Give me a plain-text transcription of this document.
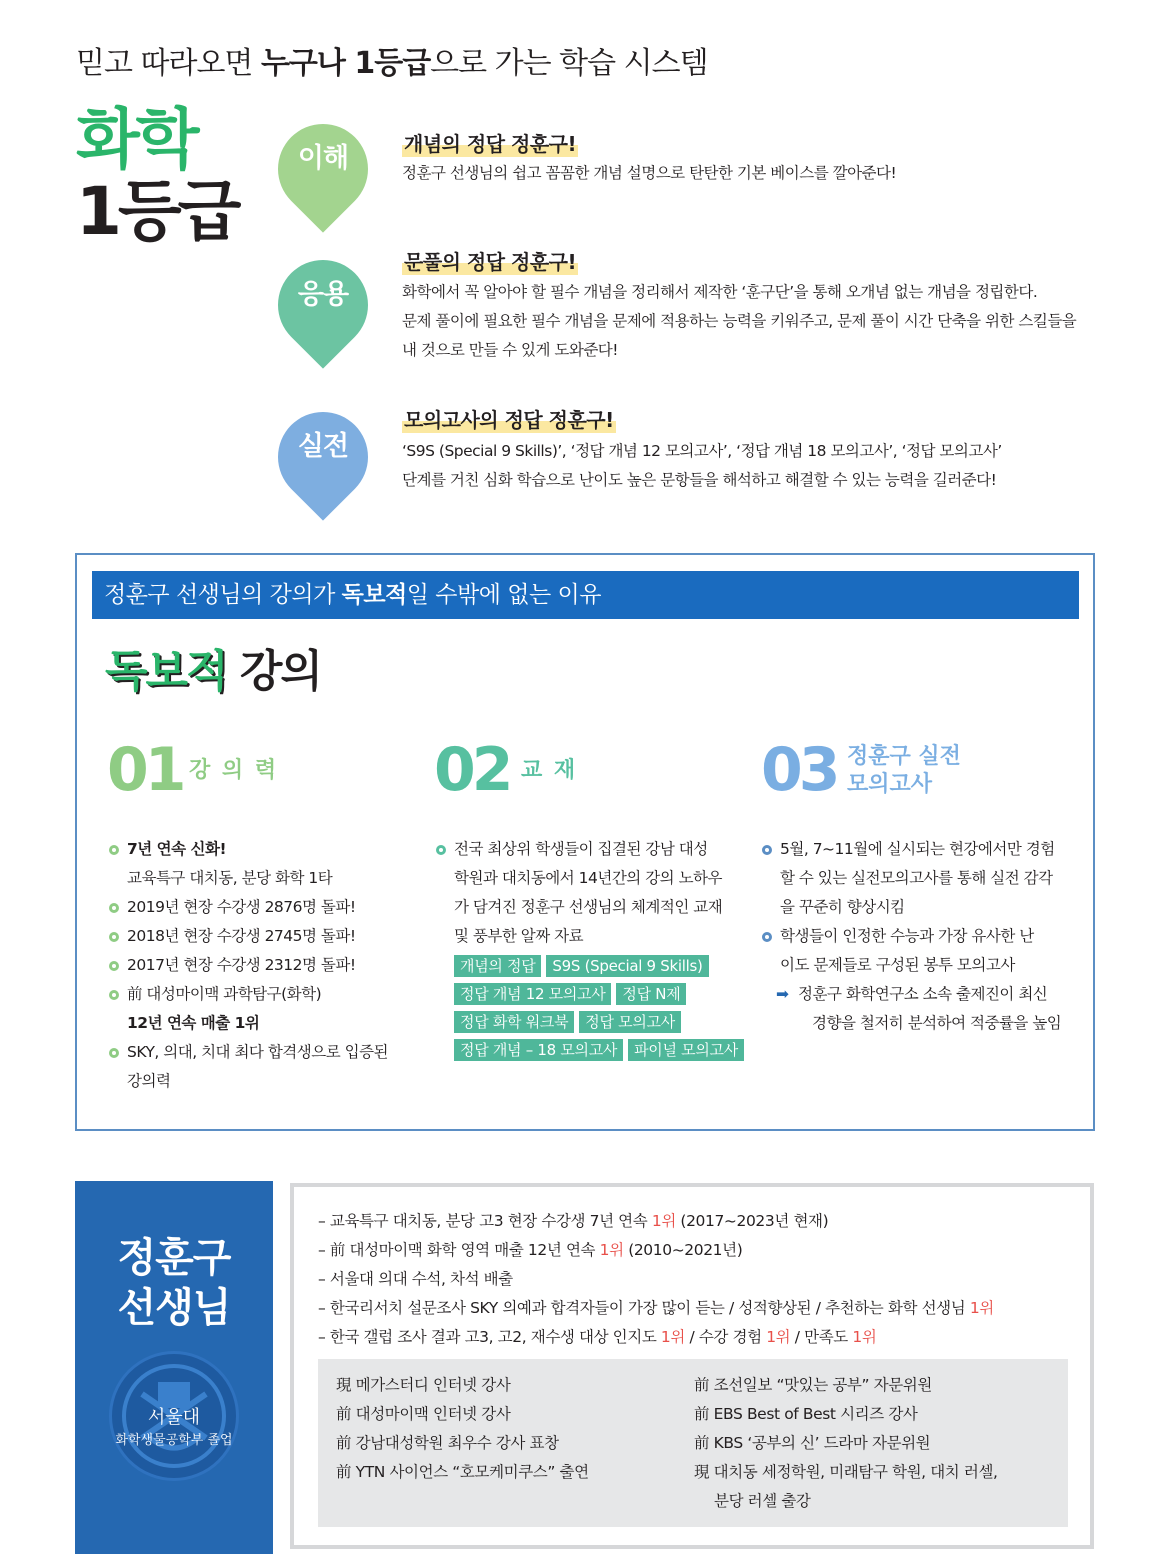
믿고 따라오면 누구나 1등급으로 가는 학습 시스템
화학
1등급
이해	개념의 정답 정훈구!
정훈구 선생님의 쉽고 꼼꼼한 개념 설명으로 탄탄한 기본 베이스를 깔아준다!
응용
문풀의 정답 정훈구!
화학에서 꼭 알아야 할 필수 개념을 정리해서 제작한 ‘훈구단’을 통해 오개념 없는 개념을 정립한다.
문제 풀이에 필요한 필수 개념을 문제에 적용하는 능력을 키워주고, 문제 풀이 시간 단축을 위한 스킬들을
내 것으로 만들 수 있게 도와준다!
실전
모의고사의 정답 정훈구!
‘S9S (Special 9 Skills)’, ‘정답 개념 12 모의고사’, ‘정답 개념 18 모의고사’, ‘정답 모의고사’
단계를 거친 심화 학습으로 난이도 높은 문항들을 해석하고 해결할 수 있는 능력을 길러준다!
정훈구 선생님의 강의가 독보적일 수밖에 없는 이유
독보적 강의
01 강 의 력
7년 연속 신화!
교육특구 대치동, 분당 화학 1타
2019년 현장 수강생 2876명 돌파!
2018년 현장 수강생 2745명 돌파!
2017년 현장 수강생 2312명 돌파!
前 대성마이맥 과학탐구(화학)
12년 연속 매출 1위
SKY, 의대, 치대 최다 합격생으로 입증된
강의력
02 교 재
전국 최상위 학생들이 집결된 강남 대성
학원과 대치동에서 14년간의 강의 노하우
가 담겨진 정훈구 선생님의 체계적인 교재
및 풍부한 알짜 자료
개념의 정답	S9S (Special 9 Skills)
정답 개념 12 모의고사	정답 N제
정답 화학 워크북	정답 모의고사
정답 개념 – 18 모의고사	파이널 모의고사
03 정훈구 실전
모의고사
5월, 7~11월에 실시되는 현강에서만 경험
할 수 있는 실전모의고사를 통해 실전 감각
을 꾸준히 향상시킴
학생들이 인정한 수능과 가장 유사한 난
이도 문제들로 구성된 봉투 모의고사
➡ 정훈구 화학연구소 소속 출제진이 최신
경향을 철저히 분석하여 적중률을 높임
정훈구
선생님
서울대
화학생물공학부 졸업
– 교육특구 대치동, 분당 고3 현장 수강생 7년 연속 1위 (2017~2023년 현재)
– 前 대성마이맥 화학 영역 매출 12년 연속 1위 (2010~2021년)
– 서울대 의대 수석, 차석 배출
– 한국리서치 설문조사 SKY 의예과 합격자들이 가장 많이 듣는 / 성적향상된 / 추천하는 화학 선생님 1위
– 한국 갤럽 조사 결과 고3, 고2, 재수생 대상 인지도 1위 / 수강 경험 1위 / 만족도 1위
現 메가스터디 인터넷 강사
前 대성마이맥 인터넷 강사
前 강남대성학원 최우수 강사 표창
前 YTN 사이언스 “호모케미쿠스” 출연
前 조선일보 “맛있는 공부” 자문위원
前 EBS Best of Best 시리즈 강사
前 KBS ‘공부의 신’ 드라마 자문위원
現 대치동 세정학원, 미래탐구 학원, 대치 러셀,
분당 러셀 출강
